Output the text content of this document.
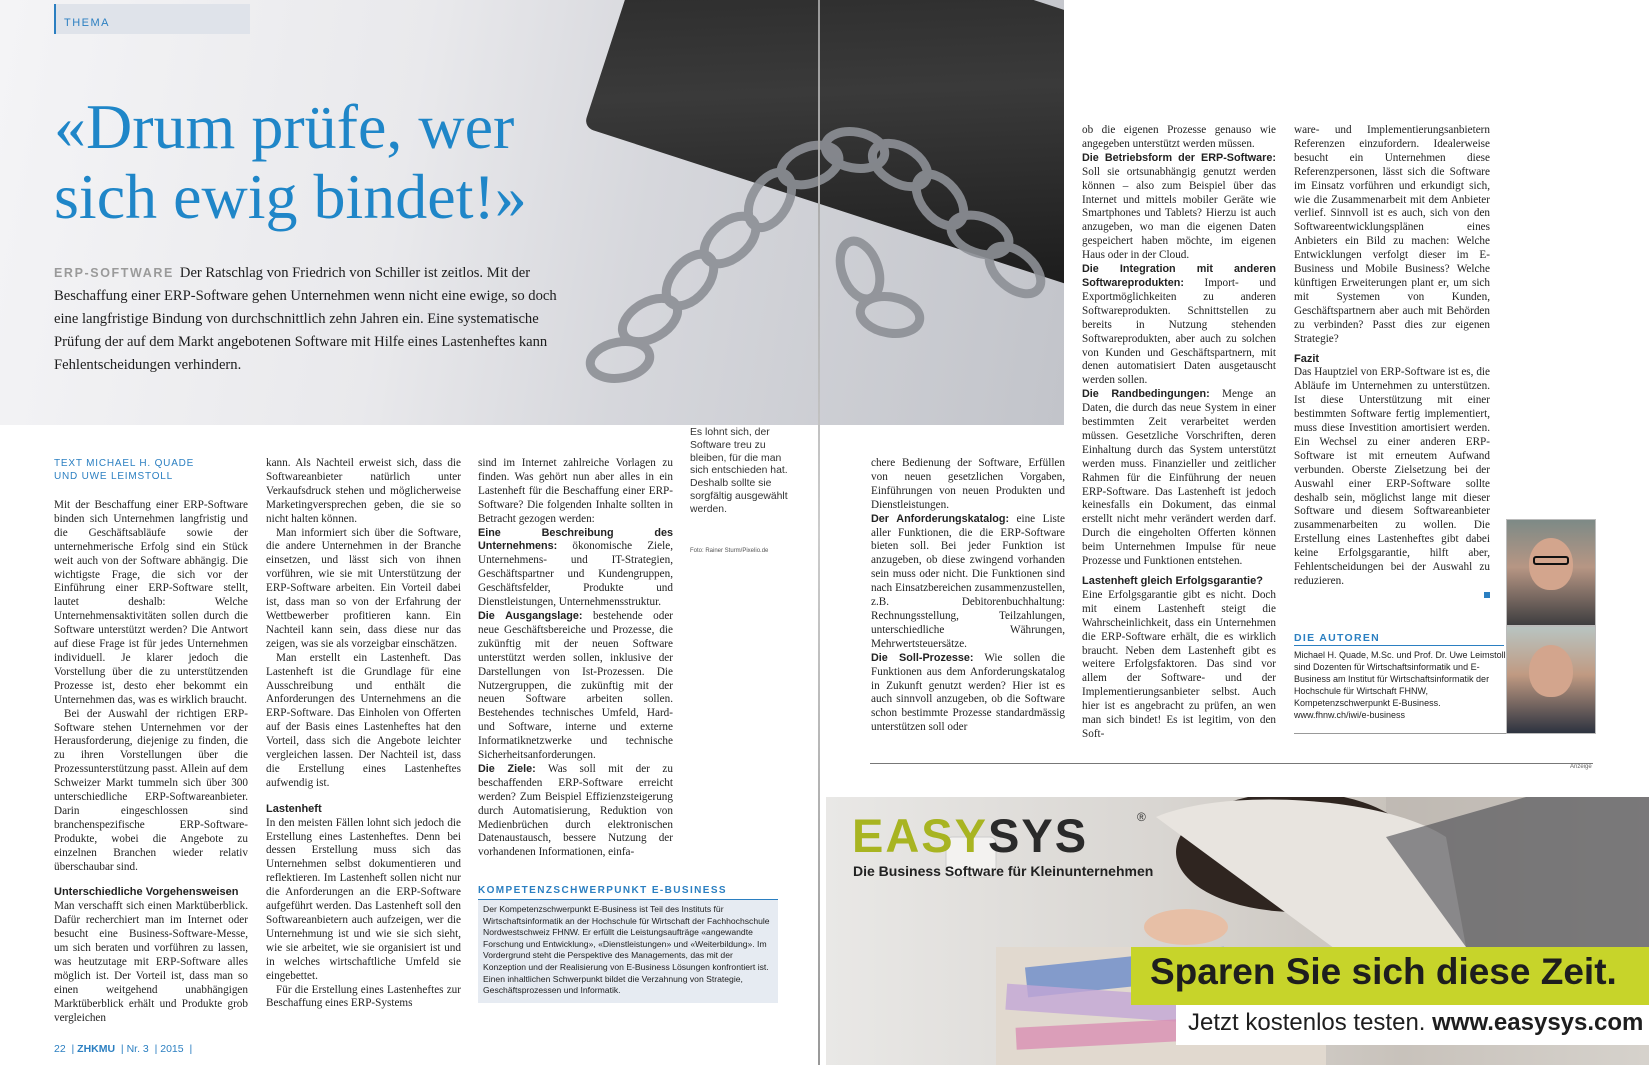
THEMA
«Drum prüfe, wer
sich ewig bindet!»
ERP-SOFTWARE Der Ratschlag von Friedrich von Schiller ist zeitlos. Mit der Beschaffung einer ERP-Software gehen Unternehmen wenn nicht eine ewige, so doch eine langfristige Bindung von durchschnittlich zehn Jahren ein. Eine systematische Prüfung der auf dem Markt angebotenen Software mit Hilfe eines Lastenheftes kann Fehlentscheidungen verhindern.
TEXT MICHAEL H. QUADE
UND UWE LEIMSTOLL

Mit der Beschaffung einer ERP-Software binden sich Unternehmen langfristig und die Geschäftsabläufe sowie der unternehmerische Erfolg sind ein Stück weit auch von der Software abhängig. Die wichtigste Frage, die sich vor der Einführung einer ERP-Software stellt, lautet deshalb: Welche Unternehmensaktivitäten sollen durch die Software unterstützt werden? Die Antwort auf diese Frage ist für jedes Unternehmen individuell. Je klarer jedoch die Vorstellung über die zu unterstützenden Prozesse ist, desto eher bekommt ein Unternehmen das, was es wirklich braucht.

Bei der Auswahl der richtigen ERP-Software stehen Unternehmen vor der Herausforderung, diejenige zu finden, die zu ihren Vorstellungen über die Prozessunterstützung passt. Allein auf dem Schweizer Markt tummeln sich über 300 unterschiedliche ERP-Softwareanbieter. Darin eingeschlossen sind branchenspezifische ERP-Software-Produkte, wobei die Angebote zu einzelnen Branchen wieder relativ überschaubar sind.

Unterschiedliche Vorgehensweisen

Man verschafft sich einen Marktüberblick. Dafür recherchiert man im Internet oder besucht eine Business-Software-Messe, um sich beraten und vorführen zu lassen, was heutzutage mit ERP-Software alles möglich ist. Der Vorteil ist, dass man so einen weitgehend unabhängigen Marktüberblick erhält und Produkte grob vergleichen

kann. Als Nachteil erweist sich, dass die Softwareanbieter natürlich unter Verkaufsdruck stehen und möglicherweise Marketingversprechen geben, die sie so nicht halten können.

Man informiert sich über die Software, die andere Unternehmen in der Branche einsetzen, und lässt sich von ihnen vorführen, wie sie mit Unterstützung der ERP-Software arbeiten. Ein Vorteil dabei ist, dass man so von der Erfahrung der Wettbewerber profitieren kann. Ein Nachteil kann sein, dass diese nur das zeigen, was sie als vorzeigbar einschätzen.

Man erstellt ein Lastenheft. Das Lastenheft ist die Grundlage für eine Ausschreibung und enthält die Anforderungen des Unternehmens an die ERP-Software. Das Einholen von Offerten auf der Basis eines Lastenheftes hat den Vorteil, dass sich die Angebote leichter vergleichen lassen. Der Nachteil ist, dass die Erstellung eines Lastenheftes aufwendig ist.

Lastenheft

In den meisten Fällen lohnt sich jedoch die Erstellung eines Lastenheftes. Denn bei dessen Erstellung muss sich das Unternehmen selbst dokumentieren und reflektieren. Im Lastenheft sollen nicht nur die Anforderungen an die ERP-Software aufgeführt werden. Das Lastenheft soll den Softwareanbietern auch aufzeigen, wer die Unternehmung ist und wie sie sich sieht, wie sie arbeitet, wie sie organisiert ist und in welches wirtschaftliche Umfeld sie eingebettet.

Für die Erstellung eines Lastenheftes zur Beschaffung eines ERP-Systems

sind im Internet zahlreiche Vorlagen zu finden. Was gehört nun aber alles in ein Lastenheft für die Beschaffung einer ERP-Software? Die folgenden Inhalte sollten in Betracht gezogen werden:

Eine Beschreibung des Unternehmens: ökonomische Ziele, Unternehmens- und IT-Strategien, Geschäftspartner und Kundengruppen, Geschäftsfelder, Produkte und Dienstleistungen, Unternehmensstruktur.

Die Ausgangslage: bestehende oder neue Geschäftsbereiche und Prozesse, die zukünftig mit der neuen Software unterstützt werden sollen, inklusive der Darstellungen von Ist-Prozessen. Die Nutzergruppen, die zukünftig mit der neuen Software arbeiten sollen. Bestehendes technisches Umfeld, Hard- und Software, interne und externe Informatiknetzwerke und technische Sicherheitsanforderungen.

Die Ziele: Was soll mit der zu beschaffenden ERP-Software erreicht werden? Zum Beispiel Effizienzsteigerung durch Automatisierung, Reduktion von Medienbrüchen durch elektronischen Datenaustausch, bessere Nutzung der vorhandenen Informationen, einfa-

Es lohnt sich, der Software treu zu bleiben, für die man sich entschieden hat. Deshalb sollte sie sorgfältig ausgewählt werden.
Foto: Rainer Sturm/Pixelio.de
KOMPETENZSCHWERPUNKT E-BUSINESS
Der Kompetenzschwerpunkt E-Business ist Teil des Instituts für Wirtschaftsinformatik an der Hochschule für Wirtschaft der Fachhochschule Nordwestschweiz FHNW. Er erfüllt die Leistungsaufträge «angewandte Forschung und Entwicklung», «Dienstleistungen» und «Weiterbildung». Im Vordergrund steht die Perspektive des Managements, das mit der Konzeption und der Realisierung von E-Business Lösungen konfrontiert ist. Einen inhaltlichen Schwerpunkt bildet die Verzahnung von Strategie, Geschäftsprozessen und Informatik.
22  | ZHKMU  | Nr. 3  | 2015  |

chere Bedienung der Software, Erfüllen von neuen gesetzlichen Vorgaben, Einführungen von neuen Produkten und Dienstleistungen.

Der Anforderungskatalog: eine Liste aller Funktionen, die die ERP-Software bieten soll. Bei jeder Funktion ist anzugeben, ob diese zwingend vorhanden sein muss oder nicht. Die Funktionen sind nach Einsatzbereichen zusammenzustellen, z.B. Debitorenbuchhaltung: Rechnungsstellung, Teilzahlungen, unterschiedliche Währungen, Mehrwertsteuersätze.

Die Soll-Prozesse: Wie sollen die Funktionen aus dem Anforderungskatalog in Zukunft genutzt werden? Hier ist es auch sinnvoll anzugeben, ob die Software schon bestimmte Prozesse standardmässig unterstützen soll oder

ob die eigenen Prozesse genauso wie angegeben unterstützt werden müssen.

Die Betriebsform der ERP-Software: Soll sie ortsunabhängig genutzt werden können – also zum Beispiel über das Internet und mittels mobiler Geräte wie Smartphones und Tablets? Hierzu ist auch anzugeben, wo man die eigenen Daten gespeichert haben möchte, im eigenen Haus oder in der Cloud.

Die Integration mit anderen Softwareprodukten: Import- und Exportmöglichkeiten zu anderen Softwareprodukten. Schnittstellen zu bereits in Nutzung stehenden Softwareprodukten, aber auch zu solchen von Kunden und Geschäftspartnern, mit denen automatisiert Daten ausgetauscht werden sollen.

Die Randbedingungen: Menge an Daten, die durch das neue System in einer bestimmten Zeit verarbeitet werden müssen. Gesetzliche Vorschriften, deren Einhaltung durch das System unterstützt werden muss. Finanzieller und zeitlicher Rahmen für die Einführung der neuen ERP-Software. Das Lastenheft ist jedoch keinesfalls ein Dokument, das einmal erstellt nicht mehr verändert werden darf. Durch die eingeholten Offerten können beim Unternehmen Impulse für neue Prozesse und Funktionen entstehen.

Lastenheft gleich Erfolgsgarantie?

Eine Erfolgsgarantie gibt es nicht. Doch mit einem Lastenheft steigt die Wahrscheinlichkeit, dass ein Unternehmen die ERP-Software erhält, die es wirklich braucht. Neben dem Lastenheft gibt es weitere Erfolgsfaktoren. Das sind vor allem der Software- und der Implementierungsanbieter selbst. Auch hier ist es angebracht zu prüfen, an wen man sich bindet! Es ist legitim, von den Soft-

ware- und Implementierungsanbietern Referenzen einzufordern. Idealerweise besucht ein Unternehmen diese Referenzpersonen, lässt sich die Software im Einsatz vorführen und erkundigt sich, wie die Zusammenarbeit mit dem Anbieter verlief. Sinnvoll ist es auch, sich von den Softwareentwicklungsplänen eines Anbieters ein Bild zu machen: Welche Entwicklungen verfolgt dieser im E-Business und Mobile Business? Welche künftigen Erweiterungen plant er, um sich mit Systemen von Kunden, Geschäftspartnern aber auch mit Behörden zu verbinden? Passt dies zur eigenen Strategie?

Fazit

Das Hauptziel von ERP-Software ist es, die Abläufe im Unternehmen zu unterstützen. Ist diese Unterstützung mit einer bestimmten Software fertig implementiert, muss diese Investition amortisiert werden. Ein Wechsel zu einer anderen ERP-Software ist mit erneutem Aufwand verbunden. Oberste Zielsetzung bei der Auswahl einer ERP-Software sollte deshalb sein, möglichst lange mit dieser Software und diesem Softwareanbieter zusammenarbeiten zu wollen. Die Erstellung eines Lastenheftes gibt dabei keine Erfolgsgarantie, hilft aber, Fehlentscheidungen bei der Auswahl zu reduzieren.

DIE AUTOREN
Michael H. Quade, M.Sc. und Prof. Dr. Uwe Leimstoll sind Dozenten für Wirtschaftsinformatik und E-Business am Institut für Wirtschaftsinformatik der Hochschule für Wirtschaft FHNW, Kompetenzschwerpunkt E-Business.
www.fhnw.ch/iwi/e-business
Anzeige
EASYSYS	®
Die Business Software für Kleinunternehmen
Sparen Sie sich diese Zeit.
Jetzt kostenlos testen. www.easysys.com
